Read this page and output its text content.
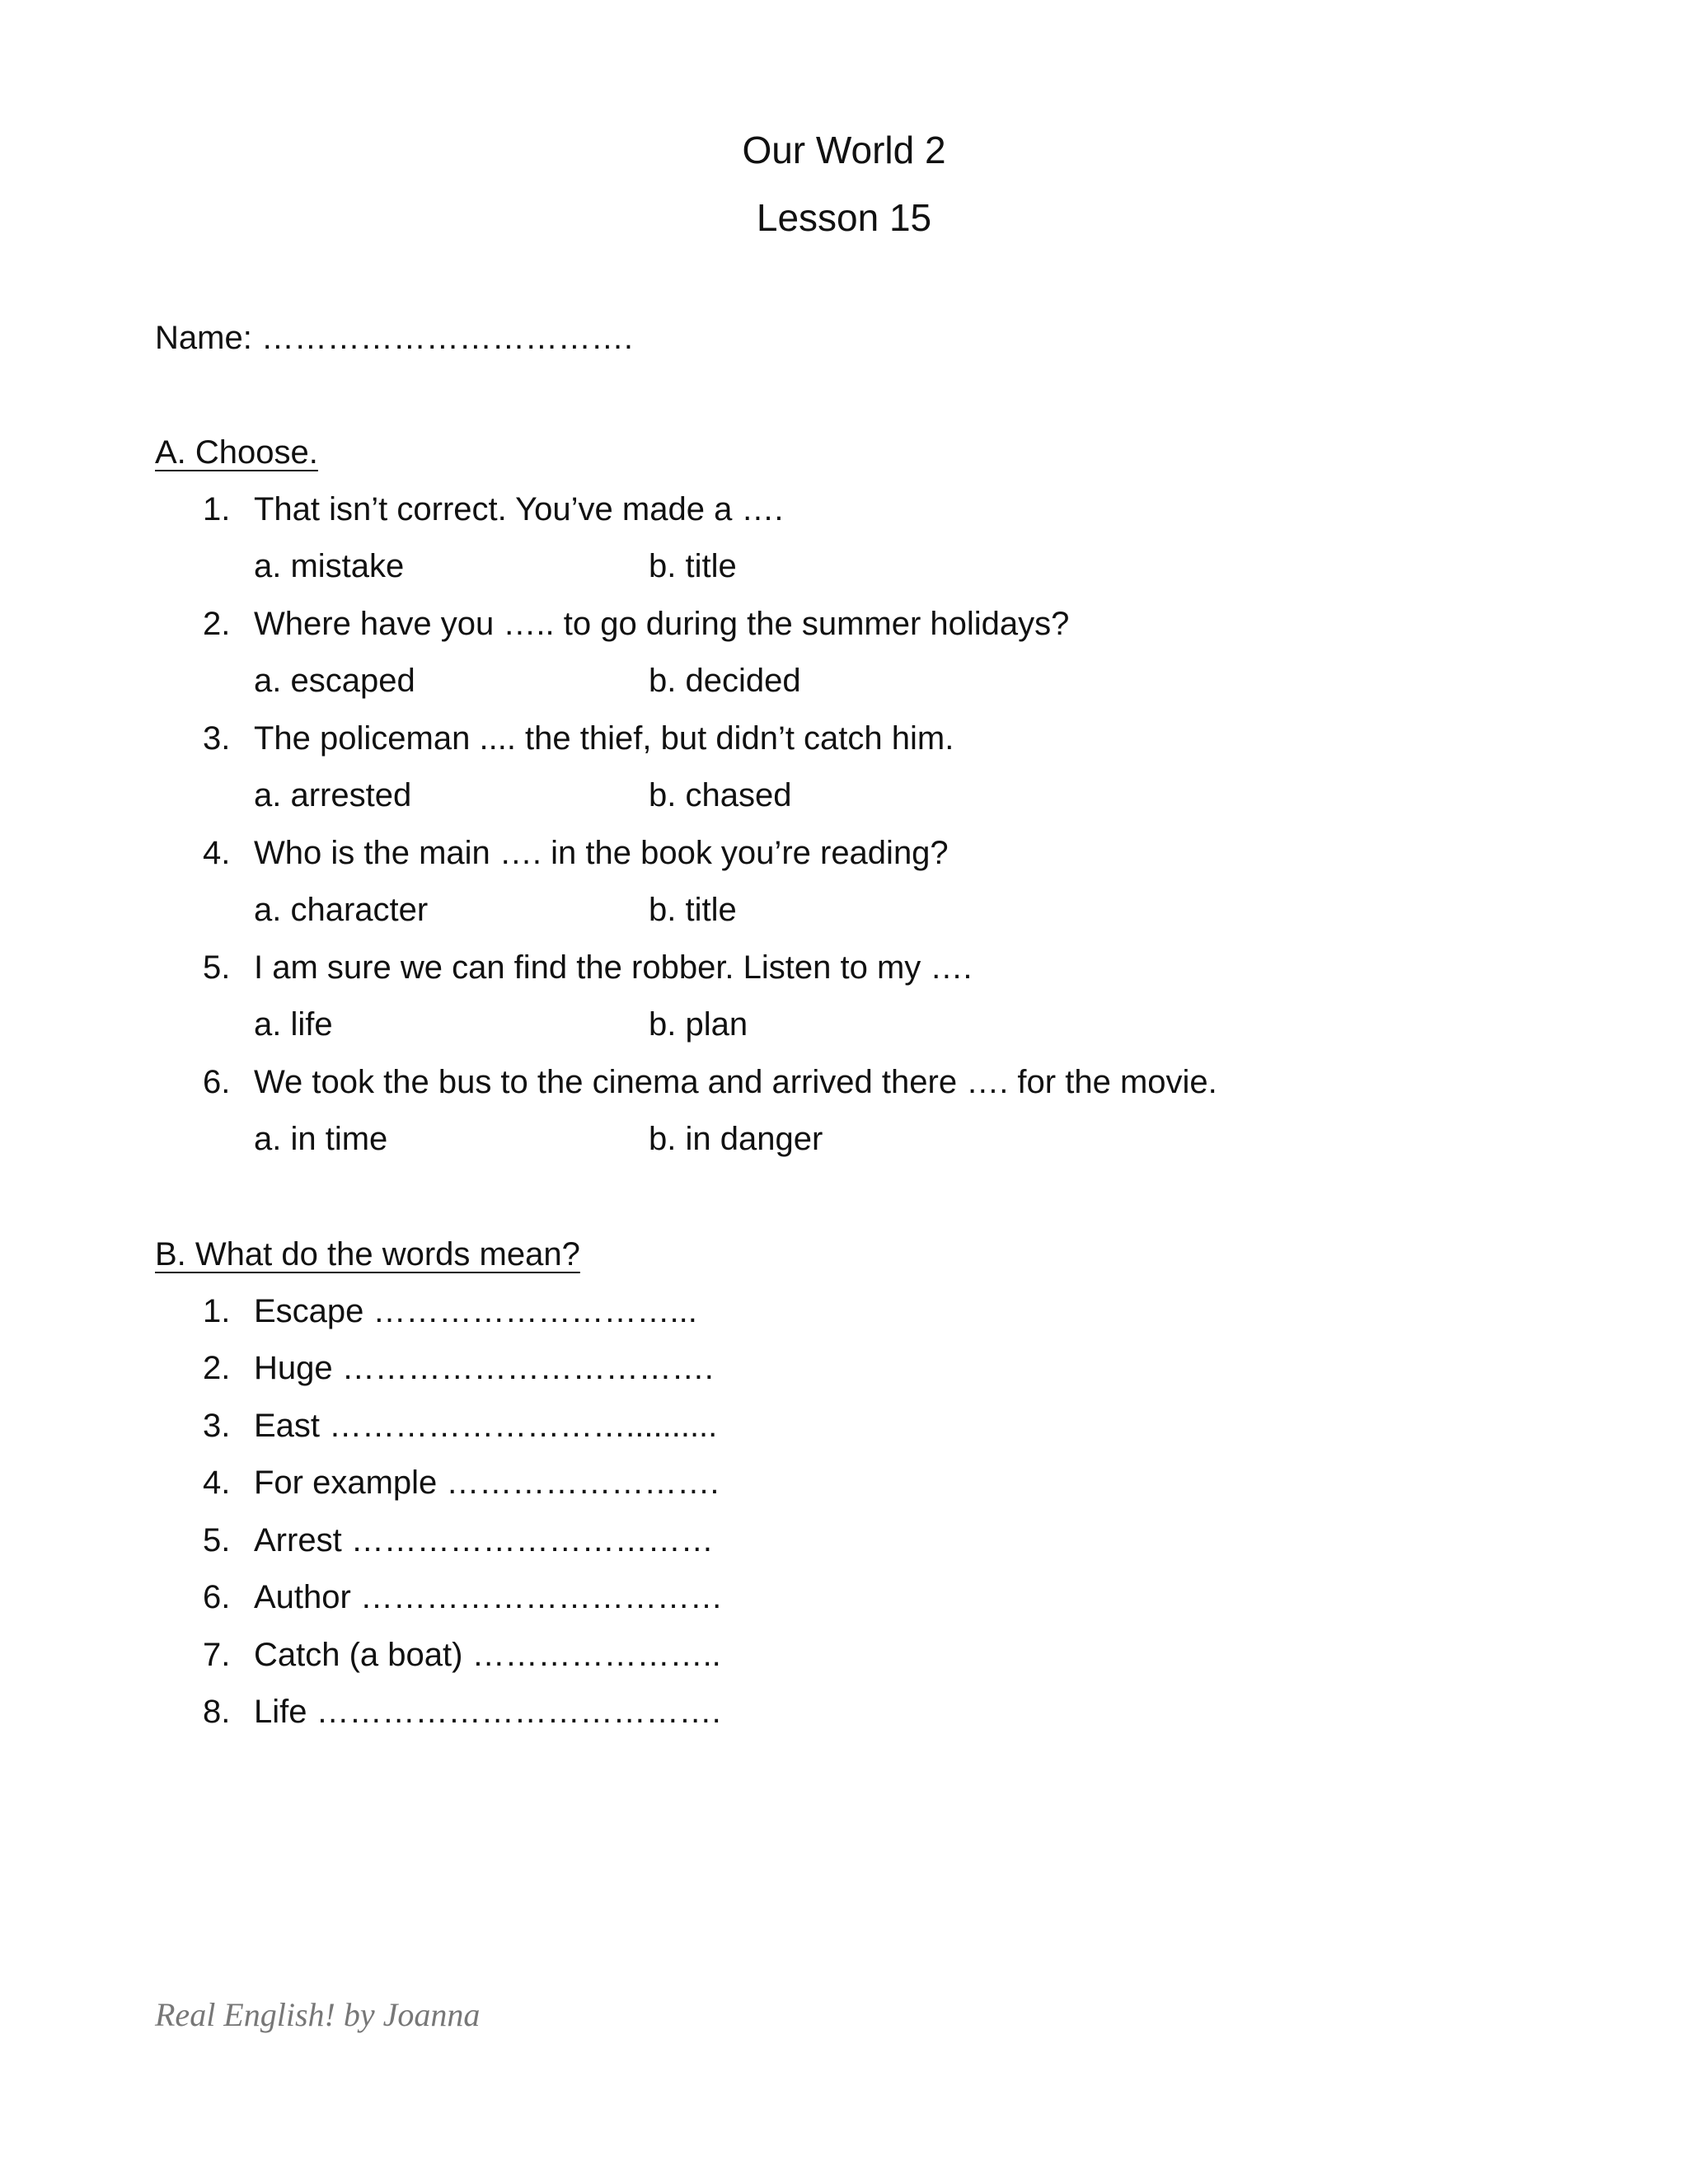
Our World 2
Lesson 15
Name: …………………………….
A. Choose.
1. That isn’t correct. You’ve made a ….
a. mistake	b. title
2. Where have you ….. to go during the summer holidays?
a. escaped	b. decided
3. The policeman .... the thief, but didn’t catch him.
a. arrested	b. chased
4. Who is the main …. in the book you’re reading?
a. character	b. title
5. I am sure we can find the robber. Listen to my ….
a. life	b. plan
6. We took the bus to the cinema and arrived there …. for the movie.
a. in time	b. in danger
B. What do the words mean?
1. Escape ………………………...
2. Huge …………………………….
3. East ………………………..........
4. For example …………………….
5. Arrest ……………………………
6. Author ……………………………
7. Catch (a boat) …………………..
8. Life ……………………………….
Real English! by Joanna
